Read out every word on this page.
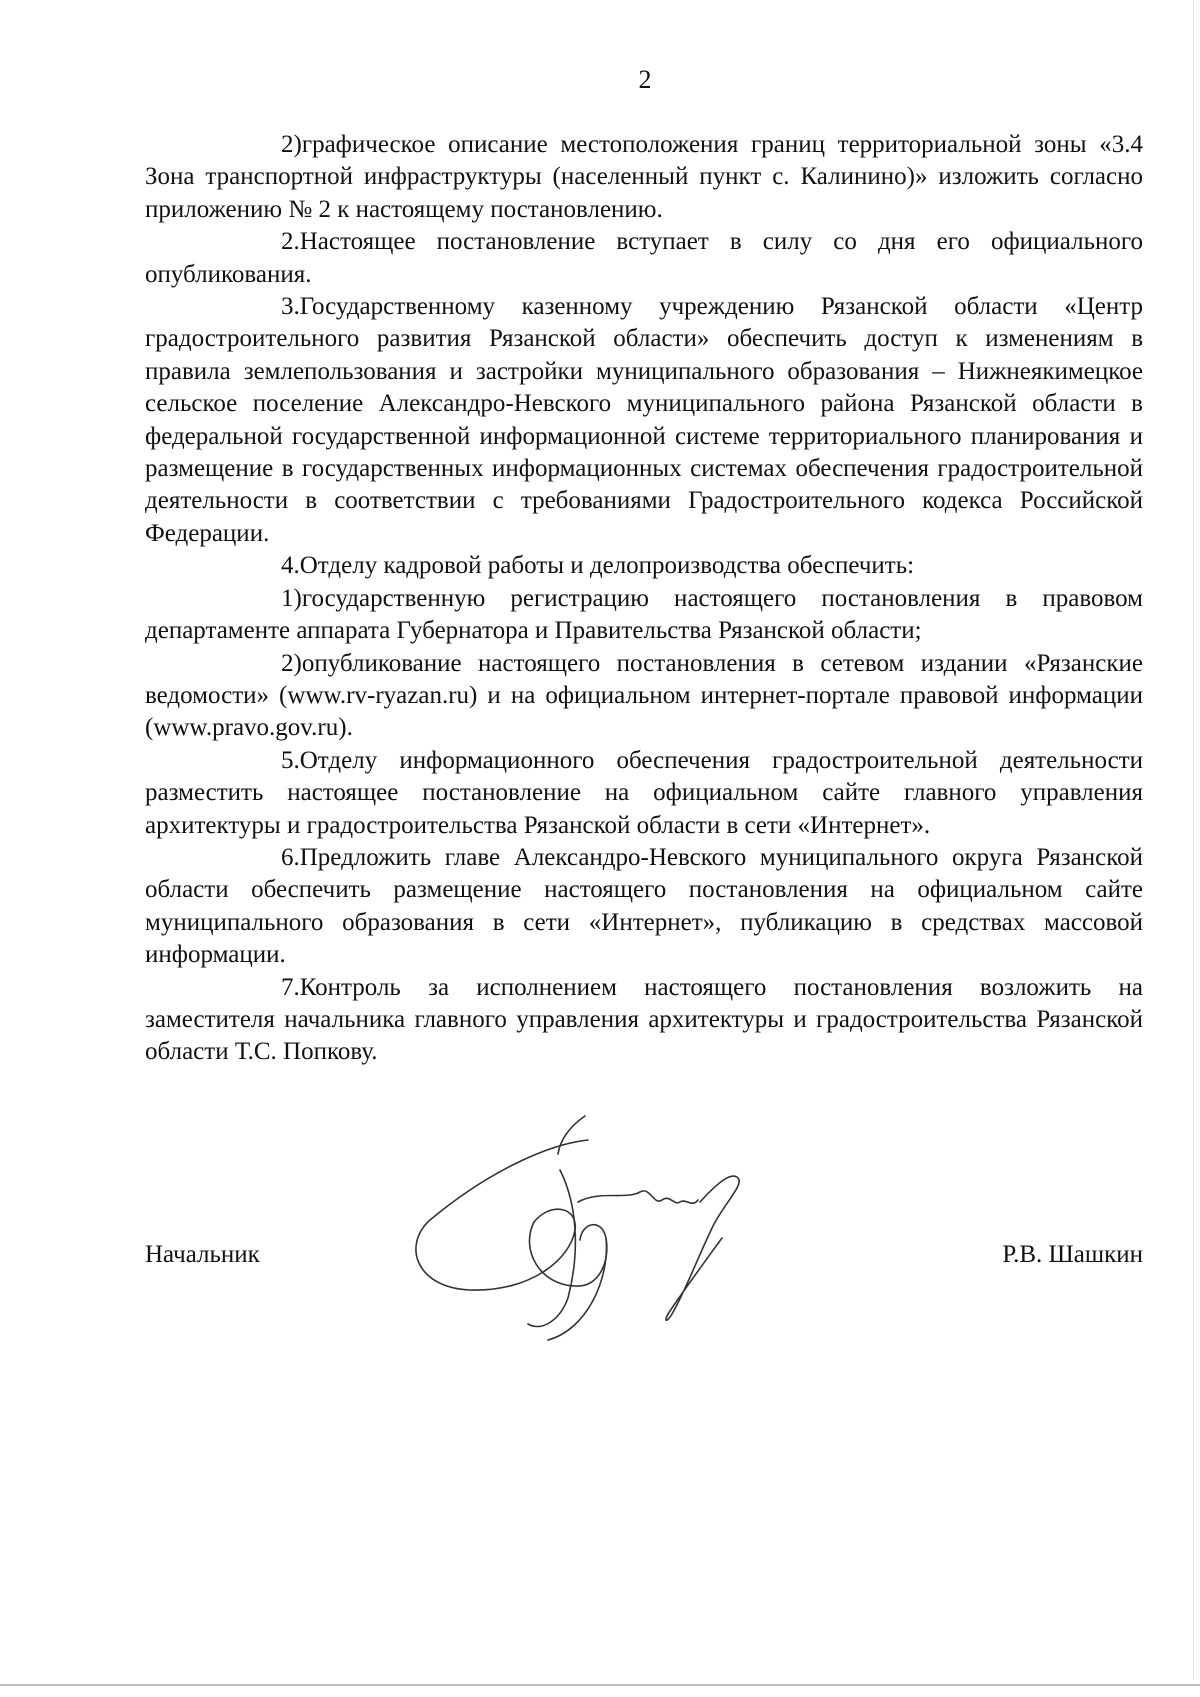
2

2)графическое описание местоположения границ территориальной зоны «3.4 Зона транспортной инфраструктуры (населенный пункт с. Калинино)» изложить согласно приложению № 2 к настоящему постановлению.

2.Настоящее постановление вступает в силу со дня его официального опубликования.

3.Государственному казенному учреждению Рязанской области «Центр градостроительного развития Рязанской области» обеспечить доступ к изменениям в правила землепользования и застройки муниципального образования – Нижнеякимецкое сельское поселение Александро-Невского муниципального района Рязанской области в федеральной государственной информационной системе территориального планирования и размещение в государственных информационных системах обеспечения градостроительной деятельности в соответствии с требованиями Градостроительного кодекса Российской Федерации.

4.Отделу кадровой работы и делопроизводства обеспечить:

1)государственную регистрацию настоящего постановления в правовом департаменте аппарата Губернатора и Правительства Рязанской области;

2)опубликование настоящего постановления в сетевом издании «Рязанские ведомости» (www.rv-ryazan.ru) и на официальном интернет-портале правовой информации (www.pravo.gov.ru).

5.Отделу информационного обеспечения градостроительной деятельности разместить настоящее постановление на официальном сайте главного управления архитектуры и градостроительства Рязанской области в сети «Интернет».

6.Предложить главе Александро-Невского муниципального округа Рязанской области обеспечить размещение настоящего постановления на официальном сайте муниципального образования в сети «Интернет», публикацию в средствах массовой информации.

7.Контроль за исполнением настоящего постановления возложить на заместителя начальника главного управления архитектуры и градостроительства Рязанской области Т.С. Попкову.

Начальник	Р.В. Шашкин
